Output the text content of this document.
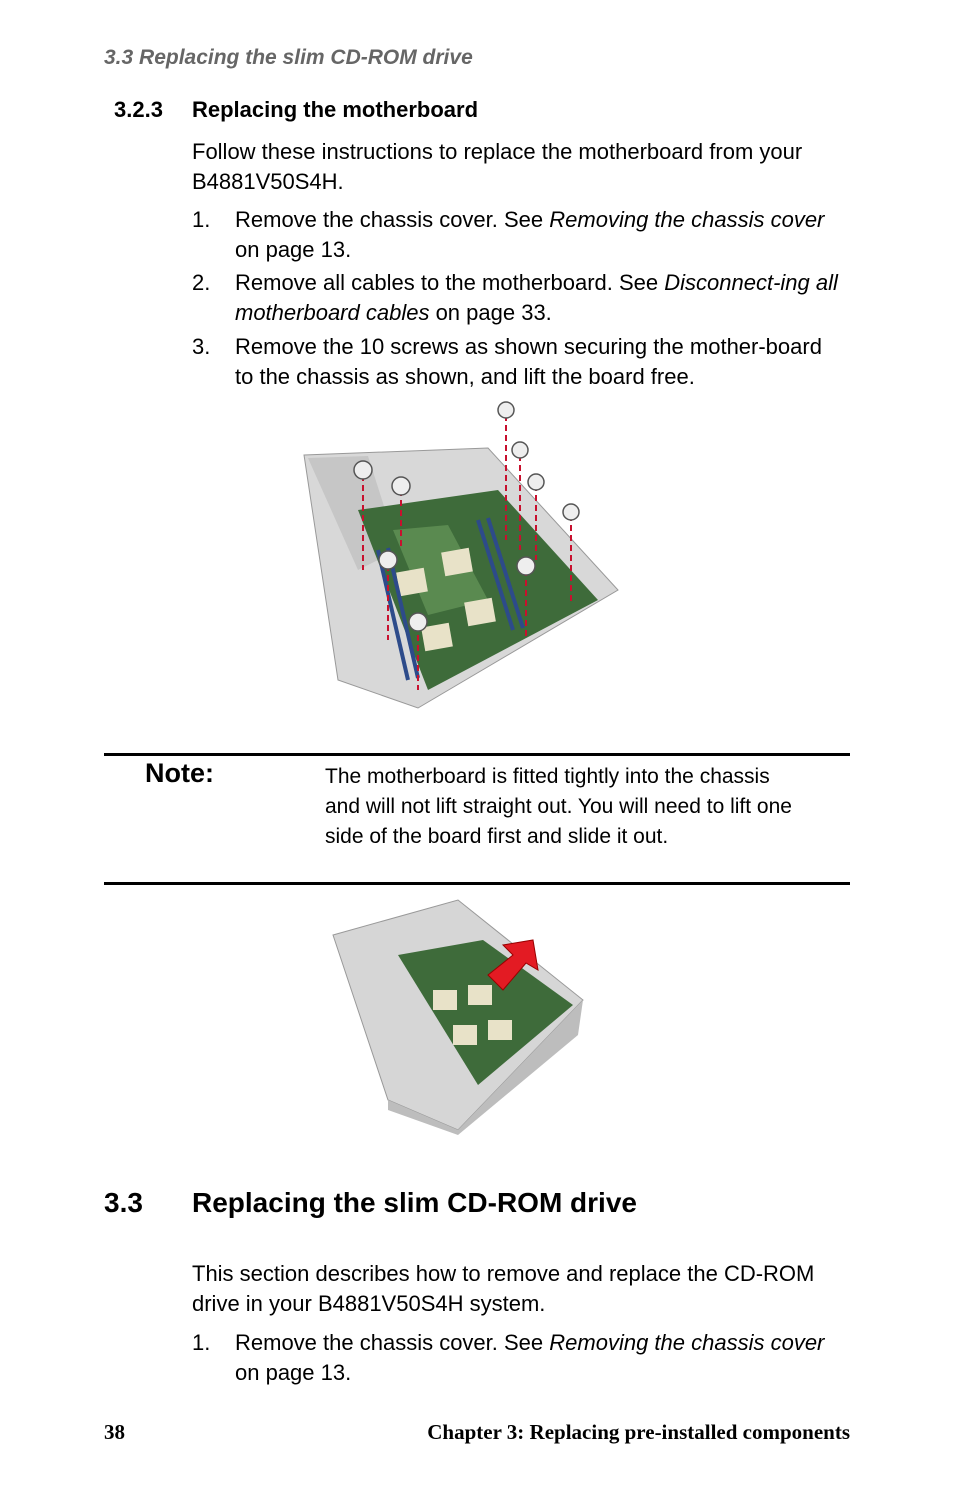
3.3 Replacing the slim CD-ROM drive
3.2.3 Replacing the motherboard
Follow these instructions to replace the motherboard from your B4881V50S4H.
1. Remove the chassis cover. See Removing the chassis cover on page 13.
2. Remove all cables to the motherboard. See Disconnect-ing all motherboard cables on page 33.
3. Remove the 10 screws as shown securing the mother-board to the chassis as shown, and lift the board free.
Note:	The motherboard is fitted tightly into the chassis and will not lift straight out. You will need to lift one side of the board first and slide it out.
3.3 Replacing the slim CD-ROM drive
This section describes how to remove and replace the CD-ROM drive in your B4881V50S4H system.
1. Remove the chassis cover. See Removing the chassis cover on page 13.
38	Chapter 3: Replacing pre-installed components
